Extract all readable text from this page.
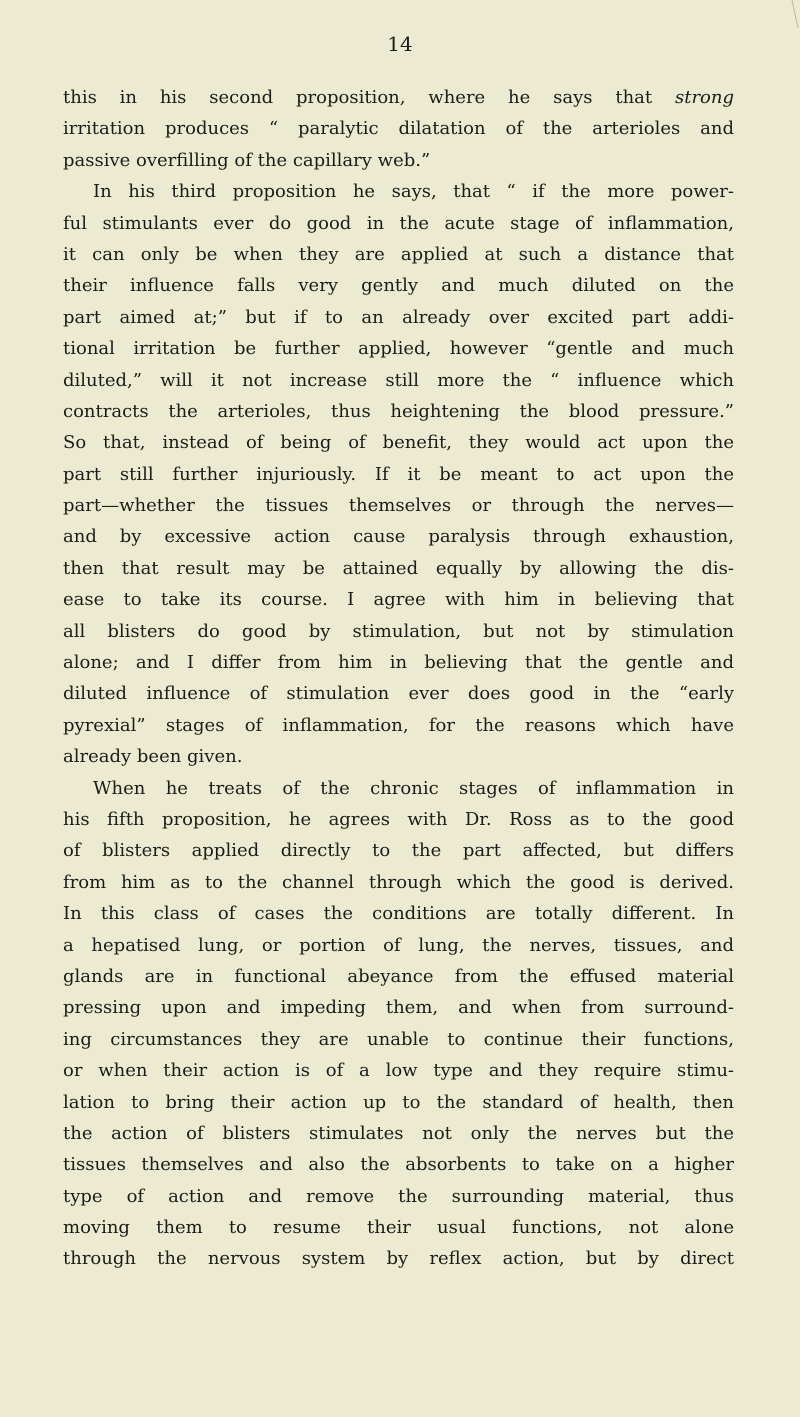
14
this in his second proposition, where he says that strong
irritation produces “ paralytic dilatation of the arterioles and
passive overfilling of the capillary web.”
In his third proposition he says, that “ if the more power-
ful stimulants ever do good in the acute stage of inflammation,
it can only be when they are applied at such a distance that
their influence falls very gently and much diluted on the
part aimed at;” but if to an already over excited part addi-
tional irritation be further applied, however “gentle and much
diluted,” will it not increase still more the “ influence which
contracts the arterioles, thus heightening the blood pressure.”
So that, instead of being of benefit, they would act upon the
part still further injuriously. If it be meant to act upon the
part—whether the tissues themselves or through the nerves—
and by excessive action cause paralysis through exhaustion,
then that result may be attained equally by allowing the dis-
ease to take its course. I agree with him in believing that
all blisters do good by stimulation, but not by stimulation
alone; and I differ from him in believing that the gentle and
diluted influence of stimulation ever does good in the “early
pyrexial” stages of inflammation, for the reasons which have
already been given.
When he treats of the chronic stages of inflammation in
his fifth proposition, he agrees with Dr. Ross as to the good
of blisters applied directly to the part affected, but differs
from him as to the channel through which the good is derived.
In this class of cases the conditions are totally different. In
a hepatised lung, or portion of lung, the nerves, tissues, and
glands are in functional abeyance from the effused material
pressing upon and impeding them, and when from surround-
ing circumstances they are unable to continue their functions,
or when their action is of a low type and they require stimu-
lation to bring their action up to the standard of health, then
the action of blisters stimulates not only the nerves but the
tissues themselves and also the absorbents to take on a higher
type of action and remove the surrounding material, thus
moving them to resume their usual functions, not alone
through the nervous system by reflex action, but by direct
